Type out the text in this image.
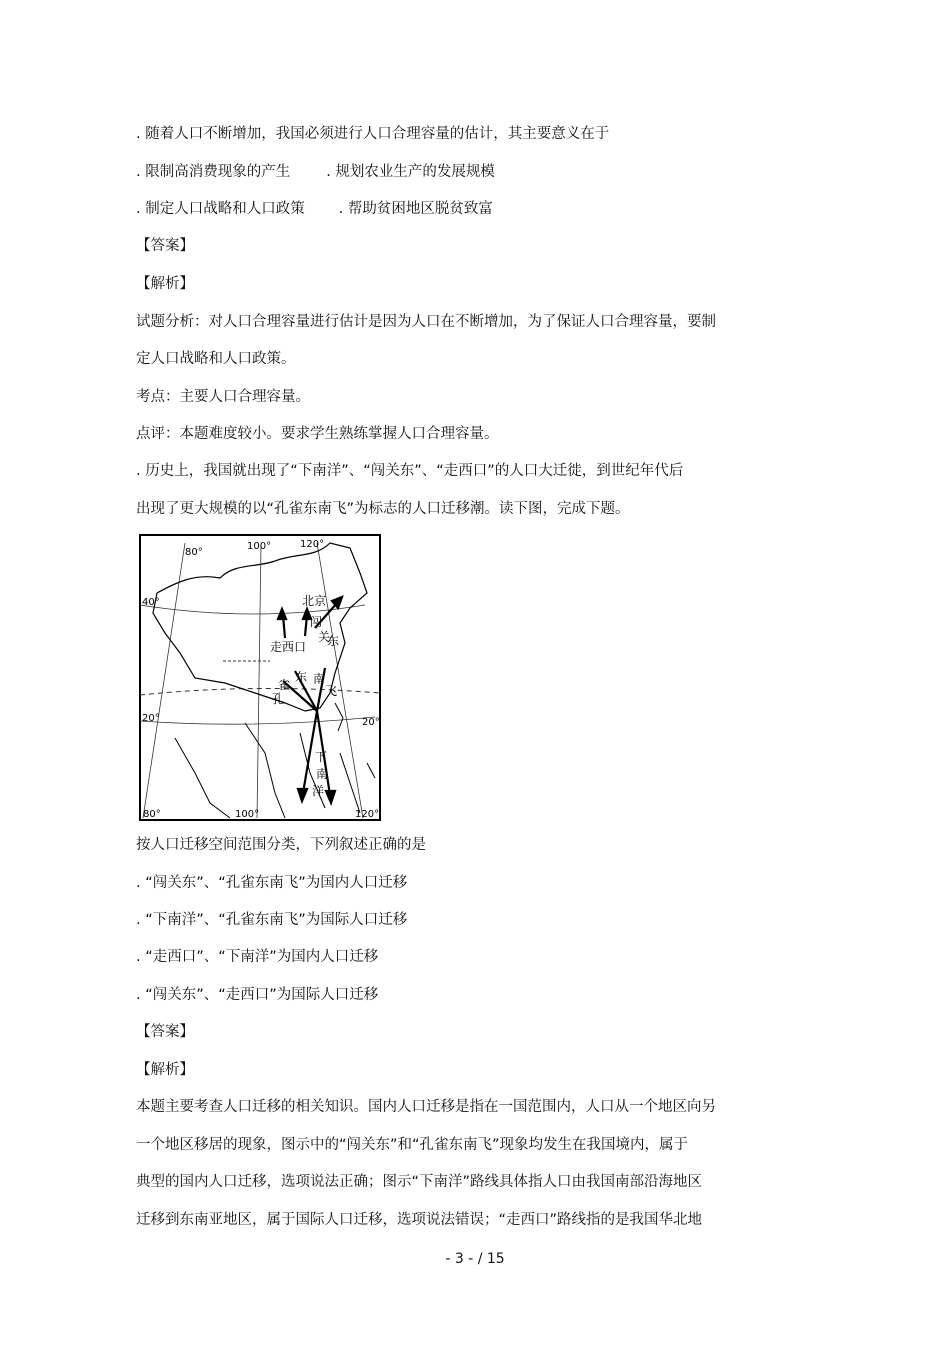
. 随着人口不断增加，我国必须进行人口合理容量的估计，其主要意义在于
. 限制高消费现象的产生 . 规划农业生产的发展规模
. 制定人口战略和人口政策 . 帮助贫困地区脱贫致富
【答案】
【解析】
试题分析：对人口合理容量进行估计是因为人口在不断增加，为了保证人口合理容量，要制
定人口战略和人口政策。
考点：主要人口合理容量。
点评：本题难度较小。要求学生熟练掌握人口合理容量。
. 历史上，我国就出现了“下南洋”、“闯关东”、“走西口”的人口大迁徙，到世纪年代后
出现了更大规模的以“孔雀东南飞”为标志的人口迁移潮。读下图，完成下题。
80°
100°	120°
40°
20°	20°
80°	100°	120°
北京
闯
关
东
走西口
东 南
雀
孔
飞
下
南
洋
按人口迁移空间范围分类，下列叙述正确的是
. “闯关东”、“孔雀东南飞”为国内人口迁移
. “下南洋”、“孔雀东南飞”为国际人口迁移
. “走西口”、“下南洋”为国内人口迁移
. “闯关东”、“走西口”为国际人口迁移
【答案】
【解析】
本题主要考查人口迁移的相关知识。国内人口迁移是指在一国范围内，人口从一个地区向另
一个地区移居的现象，图示中的“闯关东”和“孔雀东南飞”现象均发生在我国境内，属于
典型的国内人口迁移，选项说法正确；图示“下南洋”路线具体指人口由我国南部沿海地区
迁移到东南亚地区，属于国际人口迁移，选项说法错误；“走西口”路线指的是我国华北地
- 3 - / 15
